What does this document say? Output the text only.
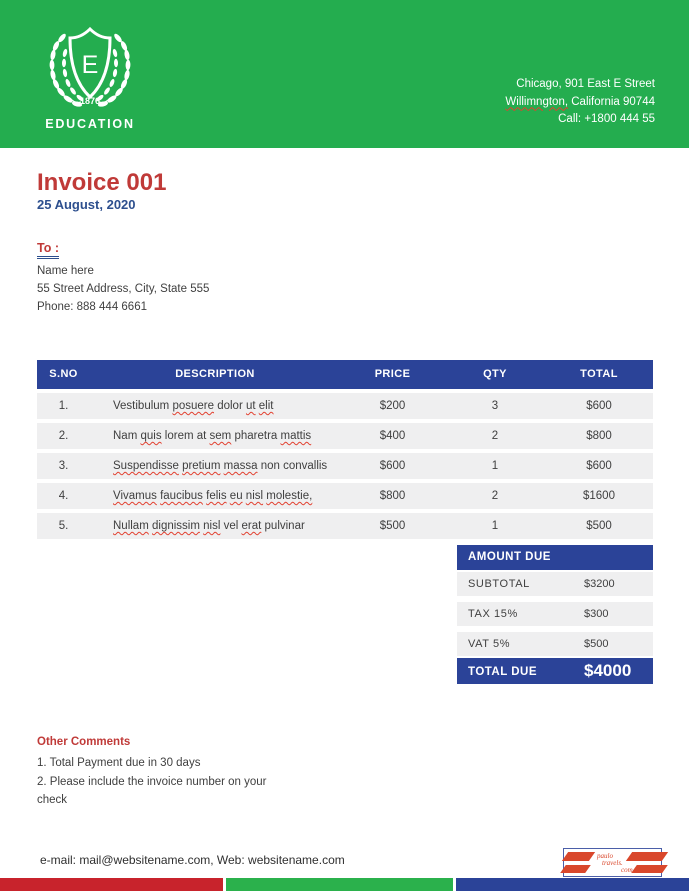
E
1876
EDUCATION
Chicago, 901 East E Street
Willimngton, California 90744
Call: +1800 444 55
Invoice 001
25 August, 2020
To :
Name here
55 Street Address, City, State 555
Phone: 888 444 6661
S.NO	DESCRIPTION	PRICE	QTY	TOTAL
1.	Vestibulum posuere dolor ut elit	$200	3	$600
2.	Nam quis lorem at sem pharetra mattis	$400	2	$800
3.	Suspendisse pretium massa non convallis	$600	1	$600
4.	Vivamus faucibus felis eu nisl molestie,	$800	2	$1600
5.	Nullam dignissim nisl vel erat pulvinar	$500	1	$500
AMOUNT DUE
SUBTOTAL	$3200
TAX 15%	$300
VAT 5%	$500
TOTAL DUE	$4000
Other Comments
1. Total Payment due in 30 days
2. Please include the invoice number on your
check
e-mail: mail@websitename.com, Web: websitename.com	paulo
travels.
com
